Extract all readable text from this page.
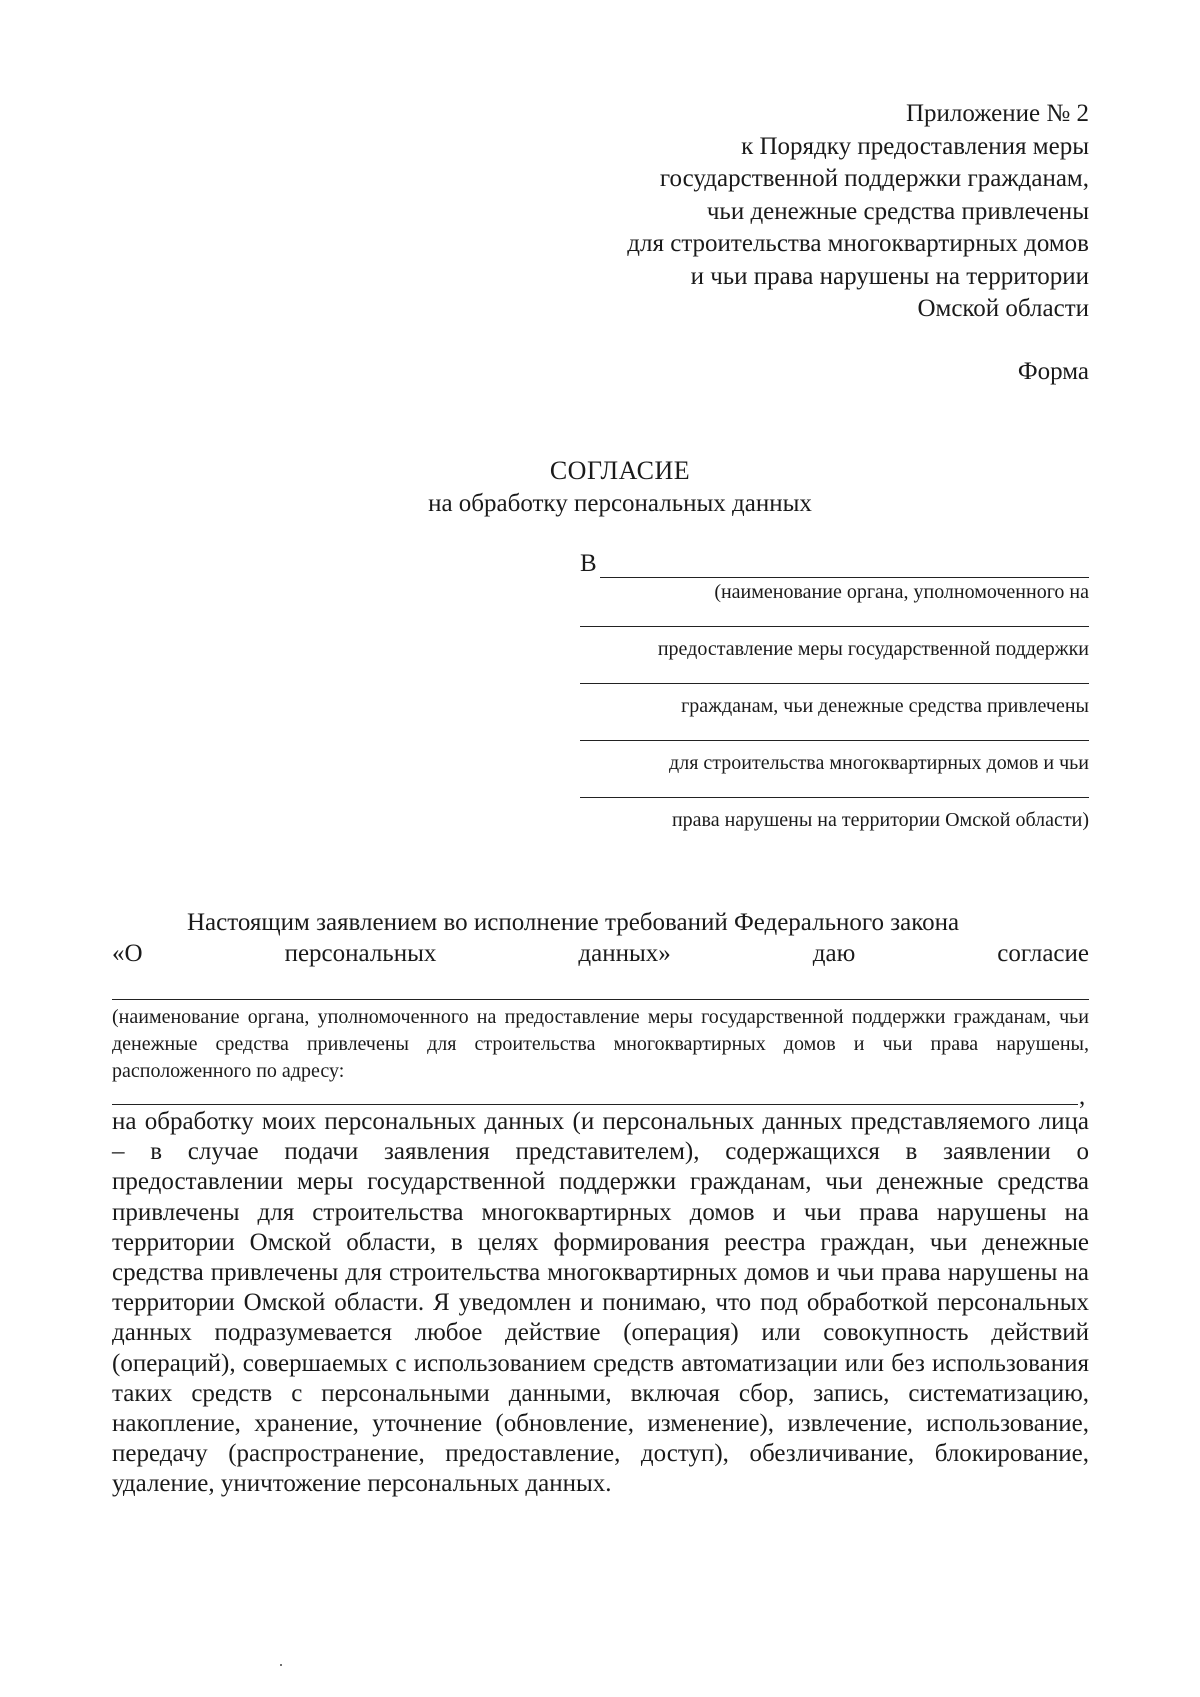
Приложение № 2
к Порядку предоставления меры
государственной поддержки гражданам,
чьи денежные средства привлечены
для строительства многоквартирных домов
и чьи права нарушены на территории
Омской области
Форма
СОГЛАСИЕ
на обработку персональных данных
В
(наименование органа, уполномоченного на
предоставление меры государственной поддержки
гражданам, чьи денежные средства привлечены
для строительства многоквартирных домов и чьи
права нарушены на территории Омской области)
Настоящим заявлением во исполнение требований Федерального закона
«О	персональных	данных»	даю	согласие
(наименование органа, уполномоченного на предоставление меры государственной поддержки гражданам, чьи денежные средства привлечены для строительства многоквартирных домов и чьи права нарушены, расположенного по адресу:
,
на обработку моих персональных данных (и персональных данных представляемого лица – в случае подачи заявления представителем), содержащихся в заявлении о предоставлении меры государственной поддержки гражданам, чьи денежные средства привлечены для строительства многоквартирных домов и чьи права нарушены на территории Омской области, в целях формирования реестра граждан, чьи денежные средства привлечены для строительства многоквартирных домов и чьи права нарушены на территории Омской области. Я уведомлен и понимаю, что под обработкой персональных данных подразумевается любое действие (операция) или совокупность действий (операций), совершаемых с использованием средств автоматизации или без использования таких средств с персональными данными, включая сбор, запись, систематизацию, накопление, хранение, уточнение (обновление, изменение), извлечение, использование, передачу (распространение, предоставление, доступ), обезличивание, блокирование, удаление, уничтожение персональных данных.
